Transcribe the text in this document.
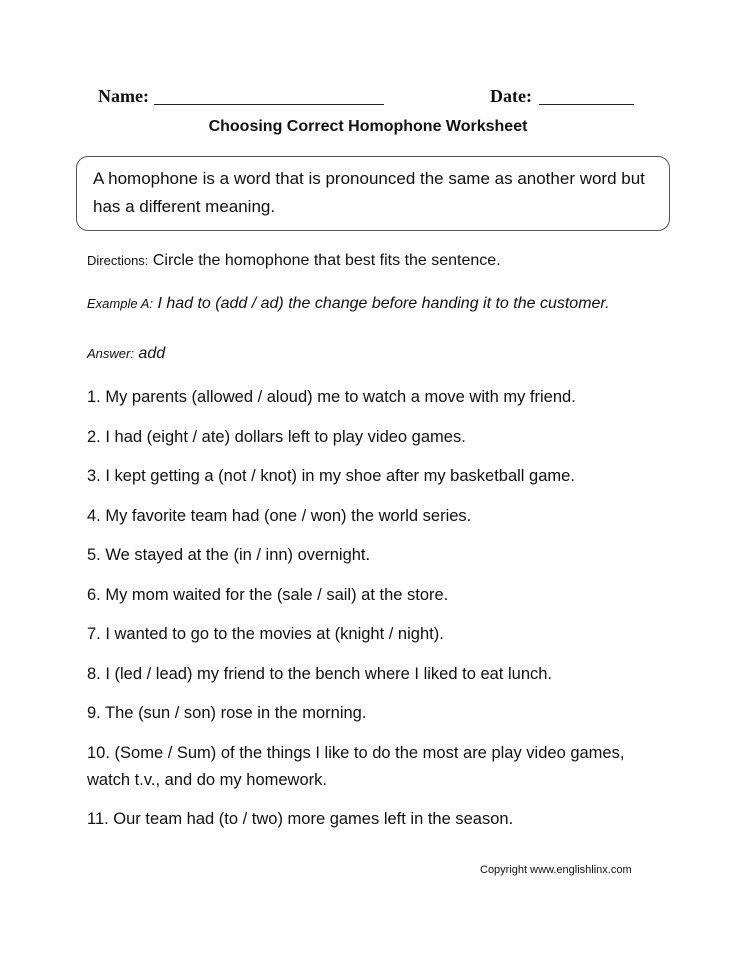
Name:	Date:
Choosing Correct Homophone Worksheet
A homophone is a word that is pronounced the same as another word but has a different meaning.
Directions: Circle the homophone that best fits the sentence.
Example A: I had to (add / ad) the change before handing it to the customer.
Answer: add

1. My parents (allowed / aloud) me to watch a move with my friend.

2. I had (eight / ate) dollars left to play video games.

3. I kept getting a (not / knot) in my shoe after my basketball game.

4. My favorite team had (one / won) the world series.

5. We stayed at the (in / inn) overnight.

6. My mom waited for the (sale / sail) at the store.

7. I wanted to go to the movies at (knight / night).

8. I (led / lead) my friend to the bench where I liked to eat lunch.

9. The (sun / son) rose in the morning.

10. (Some / Sum) of the things I like to do the most are play video games, watch t.v., and do my homework.

11. Our team had (to / two) more games left in the season.

Copyright www.englishlinx.com
